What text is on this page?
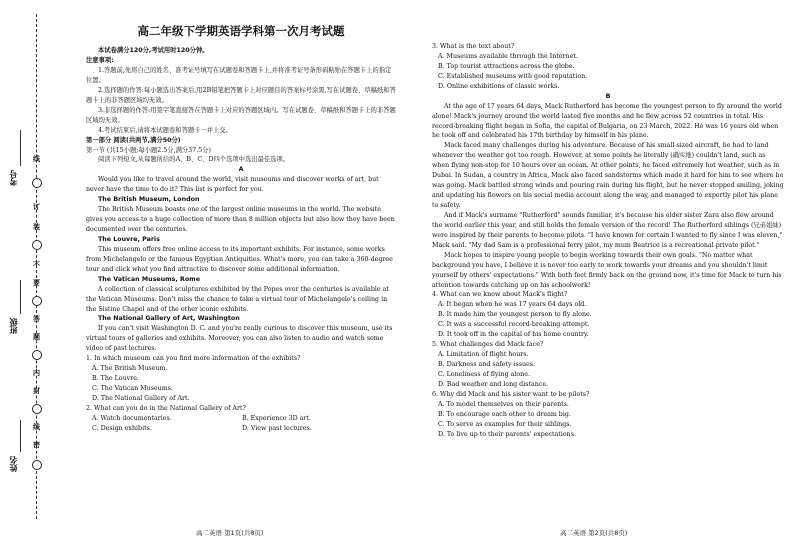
考号
班级
姓名
线
订
装
不
要
答
题
内
封
线
密
高二年级下学期英语学科第一次月考试题

本试卷满分120分,考试用时120分钟。

注意事项:

1.答题前,先将自己的姓名、准考证号填写在试题卷和答题卡上,并将准考证号条形码粘贴在答题卡上的指定位置。

2.选择题的作答:每小题选出答案后,用2B铅笔把答题卡上对应题目的答案标号涂黑,写在试题卷、草稿纸和答题卡上的非答题区域均无效。

3.非选择题的作答:用签字笔直接答在答题卡上对应的答题区域内。写在试题卷、草稿纸和答题卡上的非答题区域均无效。

4.考试结束后,请将本试题卷和答题卡一并上交。

第一部分 阅读(共两节,满分50分)

第一节 (共15小题;每小题2.5分,满分37.5分)

阅读下列短文,从每题所给的A、B、C、D四个选项中选出最佳选项。

A

Would you like to travel around the world, visit museums and discover works of art, but never have the time to do it? This list is perfect for you.

The British Museum, London

The British Museum boasts one of the largest online museums in the world. The website gives you access to a huge collection of more than 8 million objects but also how they have been documented over the centuries.

The Louvre, Paris

This museum offers free online access to its important exhibits. For instance, some works from Michelangelo or the famous Egyptian Antiquities. What's more, you can take a 360-degree tour and click what you find attractive to discover some additional information.

The Vatican Museums, Rome

A collection of classical sculptures exhibited by the Popes over the centuries is available at the Vatican Museums. Don't miss the chance to take a virtual tour of Michelangelo's ceiling in the Sistine Chapel and of the other iconic exhibits.

The National Gallery of Art, Washington

If you can't visit Washington D. C. and you're really curious to discover this museum, use its virtual tours of galleries and exhibits. Moreover, you can also listen to audio and watch some video of past lectures.

1. In which museum can you find more information of the exhibits?

A. The British Museum.

B. The Louvre.

C. The Vatican Museums.

D. The National Gallery of Art.

2. What can you do in the National Gallery of Art?

A. Watch documentaries.	B. Experience 3D art.
C. Design exhibits.	D. View past lectures.
高二英语 第1页(共8页)

3. What is the text about?

A. Museums available through the Internet.

B. Top tourist attractions across the globe.

C. Established museums with good reputation.

D. Online exhibitions of classic works.

B

At the age of 17 years 64 days, Mack Rutherford has become the youngest person to fly around the world alone! Mack's journey around the world lasted five months and he flew across 52 countries in total. His record-breaking flight began in Sofia, the capital of Bulgaria, on 23 March, 2022. He was 16 years old when he took off and celebrated his 17th birthday by himself in his plane.

Mack faced many challenges during his adventure. Because of his small-sized aircraft, he had to land whenever the weather got too rough. However, at some points he literally (确实地) couldn't land, such as when flying non-stop for 10 hours over an ocean. At other points, he faced extremely hot weather, such as in Dubai. In Sudan, a country in Africa, Mack also faced sandstorms which made it hard for him to see where he was going. Mack battled strong winds and pouring rain during his flight, but he never stopped smiling, joking and updating his flowers on his social media account along the way, and managed to expertly pilot his plane to safety.

And if Mack's surname "Rutherford" sounds familiar, it's because his elder sister Zara also flew around the world earlier this year, and still holds the female version of the record! The Rutherford siblings (兄弟姐妹) were inspired by their parents to become pilots. "I have known for certain I wanted to fly since I was eleven," Mack said. "My dad Sam is a professional ferry pilot, my mum Beatrice is a recreational private pilot."

Mack hopes to inspire young people to begin working towards their own goals. "No matter what background you have, I believe it is never too early to work towards your dreams and you shouldn't limit yourself by others' expectations." With both feet firmly back on the ground now, it's time for Mack to turn his attention towards catching up on his schoolwork!

4. What can we know about Mack's flight?

A. It began when he was 17 years 64 days old.

B. It made him the youngest person to fly alone.

C. It was a successful record-breaking attempt.

D. It took off in the capital of his home country.

5. What challenges did Mack face?

A. Limitation of flight hours.

B. Darkness and safety issues.

C. Loneliness of flying alone.

D. Bad weather and long distance.

6. Why did Mack and his sister want to be pilots?

A. To model themselves on their parents.

B. To encourage each other to dream big.

C. To serve as examples for their siblings.

D. To live up to their parents' expectations.

高二英语 第2页(共8页)
